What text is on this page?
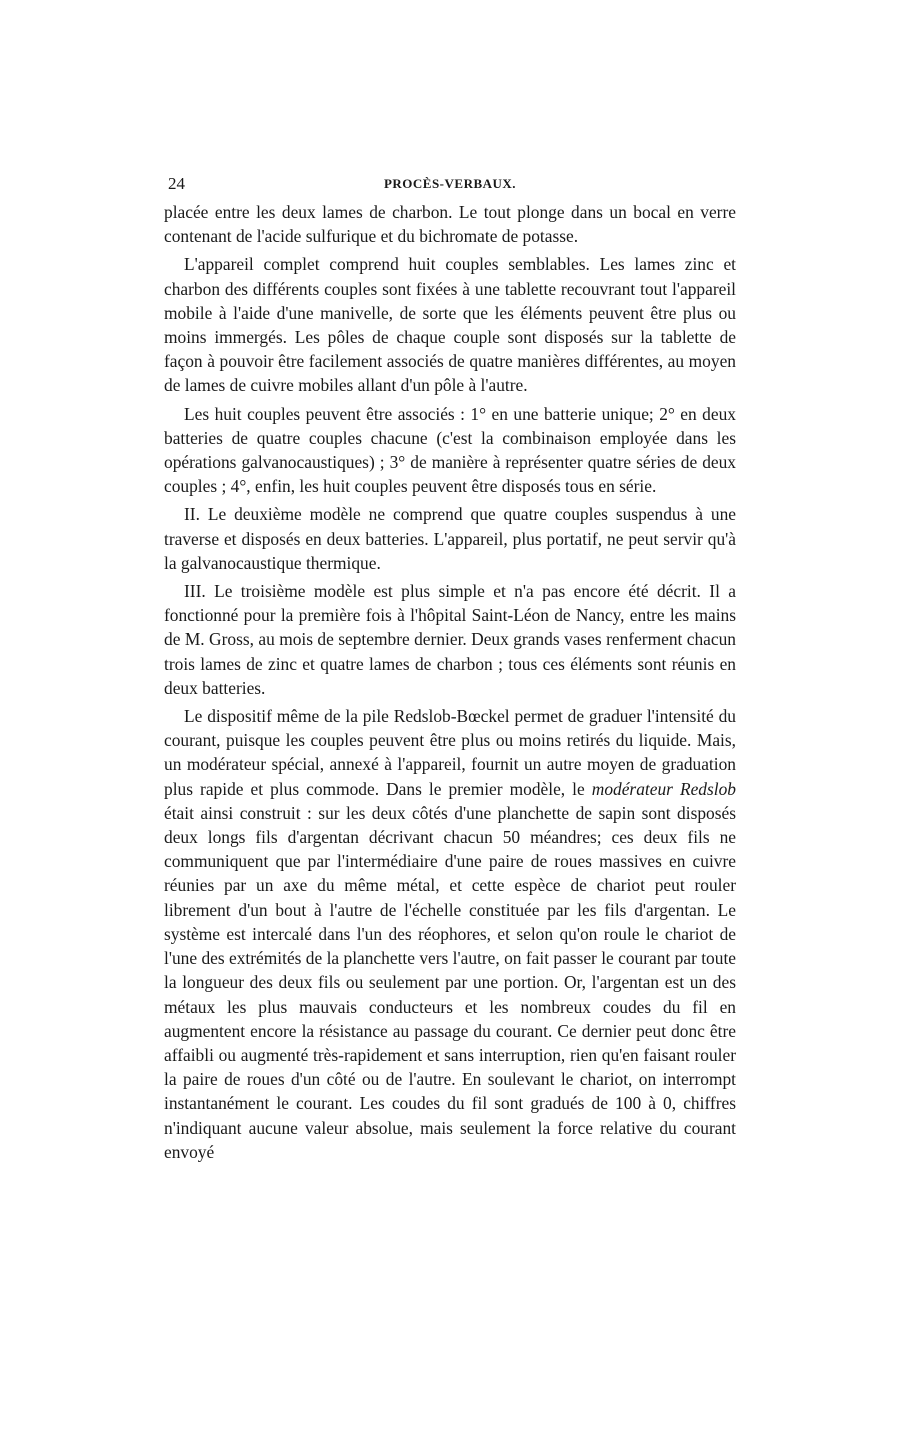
24	PROCÈS-VERBAUX.

placée entre les deux lames de charbon. Le tout plonge dans un bocal en verre contenant de l'acide sulfurique et du bichromate de potasse.

L'appareil complet comprend huit couples semblables. Les lames zinc et charbon des différents couples sont fixées à une tablette recouvrant tout l'appareil mobile à l'aide d'une manivelle, de sorte que les éléments peuvent être plus ou moins immergés. Les pôles de chaque couple sont disposés sur la tablette de façon à pouvoir être facilement associés de quatre manières différentes, au moyen de lames de cuivre mobiles allant d'un pôle à l'autre.

Les huit couples peuvent être associés : 1° en une batterie unique; 2° en deux batteries de quatre couples chacune (c'est la combinaison employée dans les opérations galvanocaustiques) ; 3° de manière à représenter quatre séries de deux couples ; 4°, enfin, les huit couples peuvent être disposés tous en série.

II. Le deuxième modèle ne comprend que quatre couples suspendus à une traverse et disposés en deux batteries. L'appareil, plus portatif, ne peut servir qu'à la galvanocaustique thermique.

III. Le troisième modèle est plus simple et n'a pas encore été décrit. Il a fonctionné pour la première fois à l'hôpital Saint-Léon de Nancy, entre les mains de M. Gross, au mois de septembre dernier. Deux grands vases renferment chacun trois lames de zinc et quatre lames de charbon ; tous ces éléments sont réunis en deux batteries.

Le dispositif même de la pile Redslob-Bœckel permet de graduer l'intensité du courant, puisque les couples peuvent être plus ou moins retirés du liquide. Mais, un modérateur spécial, annexé à l'appareil, fournit un autre moyen de graduation plus rapide et plus commode. Dans le premier modèle, le modérateur Redslob était ainsi construit : sur les deux côtés d'une planchette de sapin sont disposés deux longs fils d'argentan décrivant chacun 50 méandres; ces deux fils ne communiquent que par l'intermédiaire d'une paire de roues massives en cuivre réunies par un axe du même métal, et cette espèce de chariot peut rouler librement d'un bout à l'autre de l'échelle constituée par les fils d'argentan. Le système est intercalé dans l'un des réophores, et selon qu'on roule le chariot de l'une des extrémités de la planchette vers l'autre, on fait passer le courant par toute la longueur des deux fils ou seulement par une portion. Or, l'argentan est un des métaux les plus mauvais conducteurs et les nombreux coudes du fil en augmentent encore la résistance au passage du courant. Ce dernier peut donc être affaibli ou augmenté très-rapidement et sans interruption, rien qu'en faisant rouler la paire de roues d'un côté ou de l'autre. En soulevant le chariot, on interrompt instantanément le courant. Les coudes du fil sont gradués de 100 à 0, chiffres n'indiquant aucune valeur absolue, mais seulement la force relative du courant envoyé
